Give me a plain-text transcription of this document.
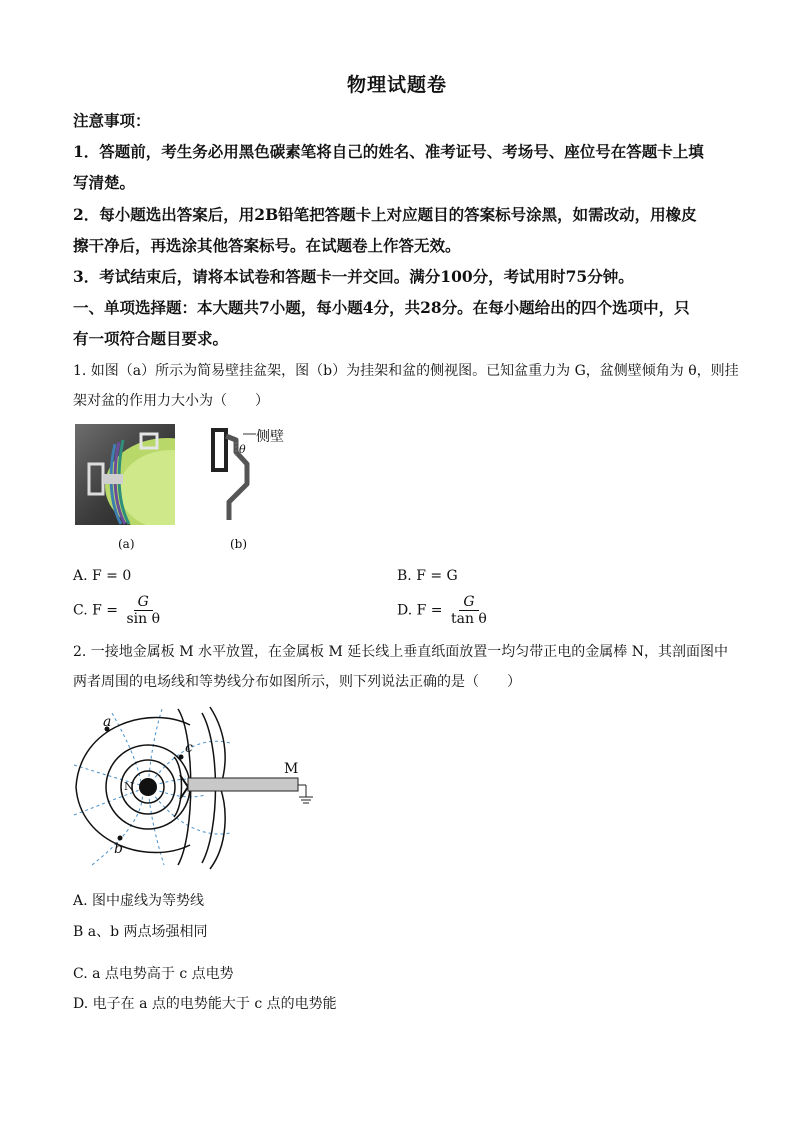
物理试题卷
注意事项：
1．答题前，考生务必用黑色碳素笔将自己的姓名、准考证号、考场号、座位号在答题卡上填
写清楚。
2．每小题选出答案后，用2B铅笔把答题卡上对应题目的答案标号涂黑，如需改动，用橡皮
擦干净后，再选涂其他答案标号。在试题卷上作答无效。
3．考试结束后，请将本试卷和答题卡一并交回。满分100分，考试用时75分钟。
一、单项选择题：本大题共7小题，每小题4分，共28分。在每小题给出的四个选项中，只
有一项符合题目要求。
1. 如图（a）所示为简易壁挂盆架，图（b）为挂架和盆的侧视图。已知盆重力为 G，盆侧壁倾角为 θ，则挂
架对盆的作用力大小为（　　）
侧壁
θ
(a)	(b)
A. F = 0	B. F = G
C. $F = \frac{G}{\text{sin θ}}$	D. $F = \frac{G}{\text{tan θ}}$
2. 一接地金属板 M 水平放置，在金属板 M 延长线上垂直纸面放置一均匀带正电的金属棒 N，其剖面图中
两者周围的电场线和等势线分布如图所示，则下列说法正确的是（　　）
a
b
c
M
N
A. 图中虚线为等势线
B a、b 两点场强相同
C. a 点电势高于 c 点电势
D. 电子在 a 点的电势能大于 c 点的电势能
